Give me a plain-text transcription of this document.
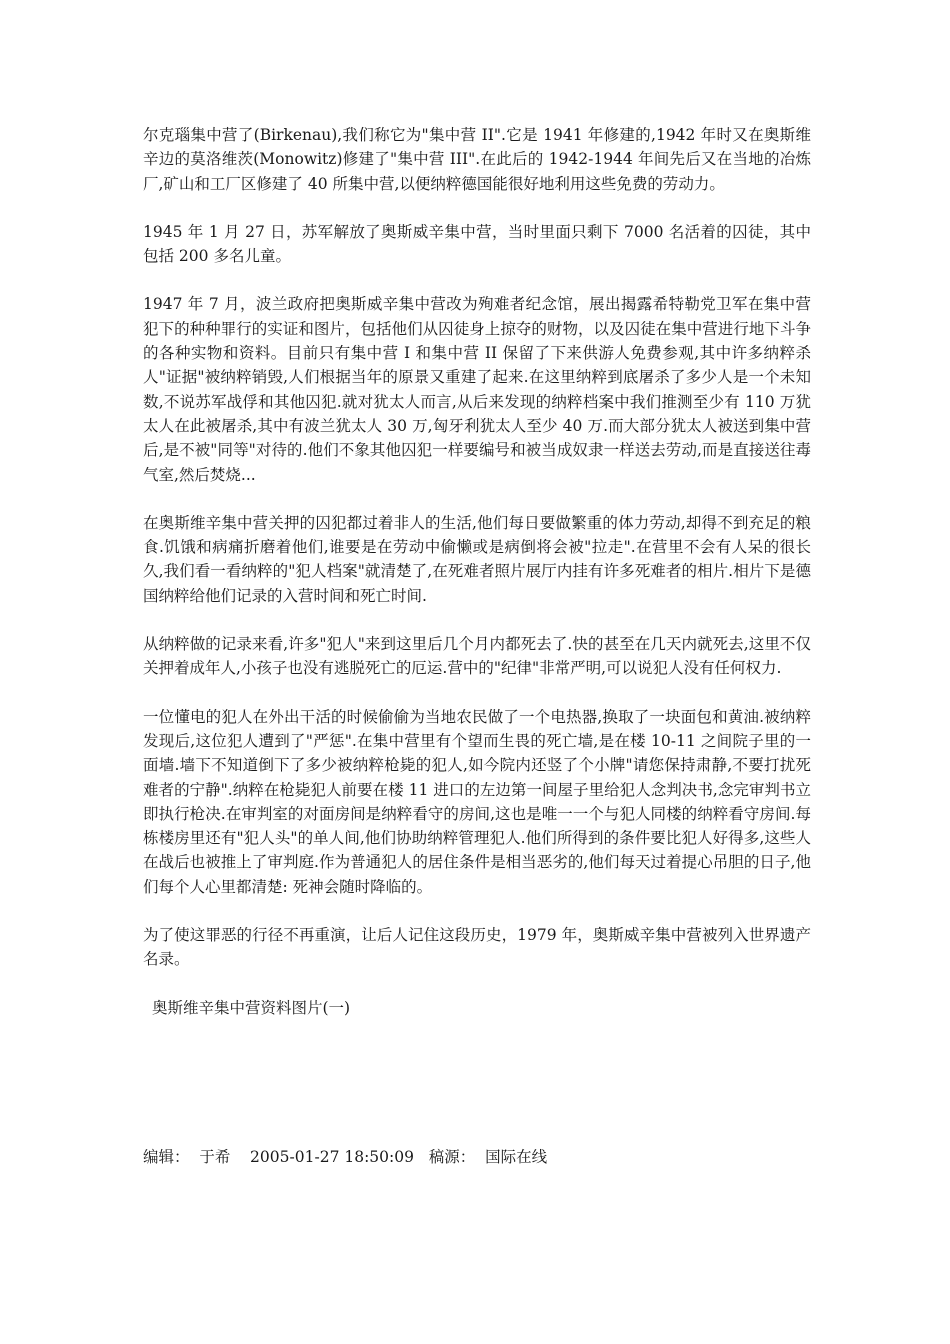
尔克瑙集中营了(Birkenau),我们称它为"集中营 II".它是 1941 年修建的,1942 年时又在奥斯维辛边的莫洛维茨(Monowitz)修建了"集中营 III".在此后的 1942-1944 年间先后又在当地的冶炼厂,矿山和工厂区修建了 40 所集中营,以便纳粹德国能很好地利用这些免费的劳动力。

1945 年 1 月 27 日，苏军解放了奥斯威辛集中营，当时里面只剩下 7000 名活着的囚徒，其中包括 200 多名儿童。

1947 年 7 月，波兰政府把奥斯威辛集中营改为殉难者纪念馆，展出揭露希特勒党卫军在集中营犯下的种种罪行的实证和图片，包括他们从囚徒身上掠夺的财物，以及囚徒在集中营进行地下斗争的各种实物和资料。目前只有集中营 I 和集中营 II 保留了下来供游人免费参观,其中许多纳粹杀人"证据"被纳粹销毁,人们根据当年的原景又重建了起来.在这里纳粹到底屠杀了多少人是一个未知数,不说苏军战俘和其他囚犯.就对犹太人而言,从后来发现的纳粹档案中我们推测至少有 110 万犹太人在此被屠杀,其中有波兰犹太人 30 万,匈牙利犹太人至少 40 万.而大部分犹太人被送到集中营后,是不被"同等"对待的.他们不象其他囚犯一样要编号和被当成奴隶一样送去劳动,而是直接送往毒气室,然后焚烧...

在奥斯维辛集中营关押的囚犯都过着非人的生活,他们每日要做繁重的体力劳动,却得不到充足的粮食.饥饿和病痛折磨着他们,谁要是在劳动中偷懒或是病倒将会被"拉走".在营里不会有人呆的很长久,我们看一看纳粹的"犯人档案"就清楚了,在死难者照片展厅内挂有许多死难者的相片.相片下是德国纳粹给他们记录的入营时间和死亡时间.

从纳粹做的记录来看,许多"犯人"来到这里后几个月内都死去了.快的甚至在几天内就死去,这里不仅关押着成年人,小孩子也没有逃脱死亡的厄运.营中的"纪律"非常严明,可以说犯人没有任何权力.

一位懂电的犯人在外出干活的时候偷偷为当地农民做了一个电热器,换取了一块面包和黄油.被纳粹发现后,这位犯人遭到了"严惩".在集中营里有个望而生畏的死亡墙,是在楼 10-11 之间院子里的一面墙.墙下不知道倒下了多少被纳粹枪毙的犯人,如今院内还竖了个小牌"请您保持肃静,不要打扰死难者的宁静".纳粹在枪毙犯人前要在楼 11 进口的左边第一间屋子里给犯人念判决书,念完审判书立即执行枪决.在审判室的对面房间是纳粹看守的房间,这也是唯一一个与犯人同楼的纳粹看守房间.每栋楼房里还有"犯人头"的单人间,他们协助纳粹管理犯人.他们所得到的条件要比犯人好得多,这些人在战后也被推上了审判庭.作为普通犯人的居住条件是相当恶劣的,他们每天过着提心吊胆的日子,他们每个人心里都清楚: 死神会随时降临的。

为了使这罪恶的行径不再重演，让后人记住这段历史，1979 年，奥斯威辛集中营被列入世界遗产名录。

奥斯维辛集中营资料图片(一)

编辑：  于希    2005-01-27 18:50:09   稿源：  国际在线
